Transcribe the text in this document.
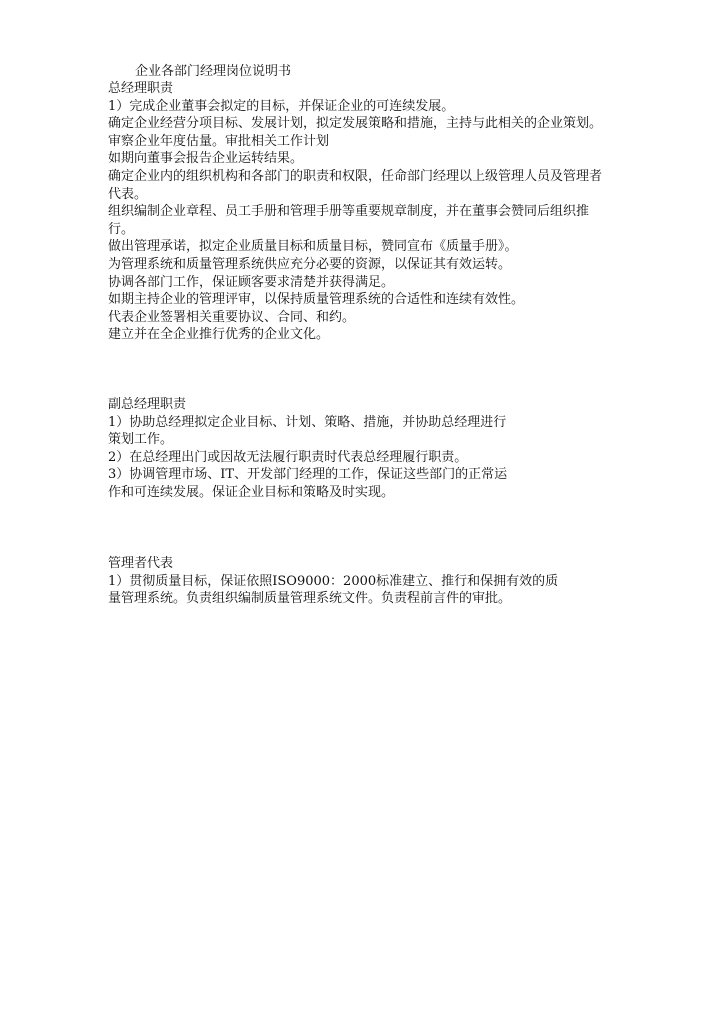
企业各部门经理岗位说明书

总经理职责

1）完成企业董事会拟定的目标，并保证企业的可连续发展。

确定企业经营分项目标、发展计划，拟定发展策略和措施，主持与此相关的企业策划。审察企业年度估量。审批相关工作计划

如期向董事会报告企业运转结果。

确定企业内的组织机构和各部门的职责和权限，任命部门经理以上级管理人员及管理者代表。

组织编制企业章程、员工手册和管理手册等重要规章制度，并在董事会赞同后组织推行。

做出管理承诺，拟定企业质量目标和质量目标，赞同宣布《质量手册》。

为管理系统和质量管理系统供应充分必要的资源，以保证其有效运转。

协调各部门工作，保证顾客要求清楚并获得满足。

如期主持企业的管理评审，以保持质量管理系统的合适性和连续有效性。

代表企业签署相关重要协议、合同、和约。

建立并在全企业推行优秀的企业文化。

副总经理职责

1）协助总经理拟定企业目标、计划、策略、措施，并协助总经理进行策划工作。

2）在总经理出门或因故无法履行职责时代表总经理履行职责。

3）协调管理市场、IT、开发部门经理的工作，保证这些部门的正常运作和可连续发展。保证企业目标和策略及时实现。

管理者代表

1）贯彻质量目标，保证依照ISO9000：2000标准建立、推行和保拥有效的质量管理系统。负责组织编制质量管理系统文件。负责程前言件的审批。
